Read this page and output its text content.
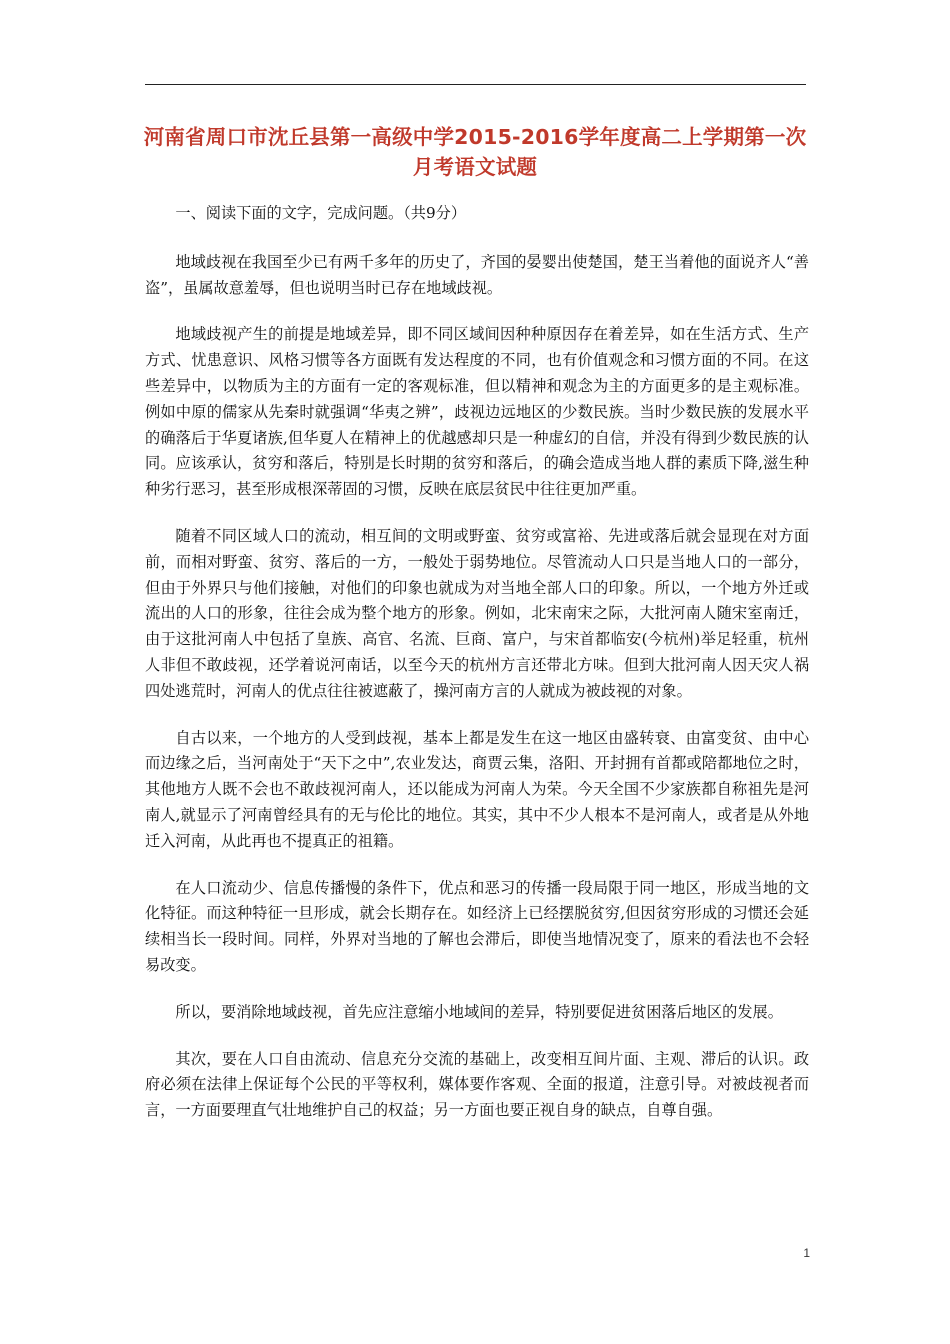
河南省周口市沈丘县第一高级中学2015-2016学年度高二上学期第一次月考语文试题

一、阅读下面的文字，完成问题。（共9分）

地域歧视在我国至少已有两千多年的历史了，齐国的晏婴出使楚国，楚王当着他的面说齐人“善盗”，虽属故意羞辱，但也说明当时已存在地域歧视。

地域歧视产生的前提是地域差异，即不同区域间因种种原因存在着差异，如在生活方式、生产方式、忧患意识、风格习惯等各方面既有发达程度的不同，也有价值观念和习惯方面的不同。在这些差异中，以物质为主的方面有一定的客观标准，但以精神和观念为主的方面更多的是主观标准。例如中原的儒家从先秦时就强调“华夷之辨”，歧视边远地区的少数民族。当时少数民族的发展水平的确落后于华夏诸族,但华夏人在精神上的优越感却只是一种虚幻的自信，并没有得到少数民族的认同。应该承认，贫穷和落后，特别是长时期的贫穷和落后，的确会造成当地人群的素质下降,滋生种种劣行恶习，甚至形成根深蒂固的习惯，反映在底层贫民中往往更加严重。

随着不同区域人口的流动，相互间的文明或野蛮、贫穷或富裕、先进或落后就会显现在对方面前，而相对野蛮、贫穷、落后的一方，一般处于弱势地位。尽管流动人口只是当地人口的一部分，但由于外界只与他们接触，对他们的印象也就成为对当地全部人口的印象。所以，一个地方外迁或流出的人口的形象，往往会成为整个地方的形象。例如，北宋南宋之际，大批河南人随宋室南迁，由于这批河南人中包括了皇族、高官、名流、巨商、富户，与宋首都临安(今杭州)举足轻重，杭州人非但不敢歧视，还学着说河南话，以至今天的杭州方言还带北方味。但到大批河南人因天灾人祸四处逃荒时，河南人的优点往往被遮蔽了，操河南方言的人就成为被歧视的对象。

自古以来，一个地方的人受到歧视，基本上都是发生在这一地区由盛转衰、由富变贫、由中心而边缘之后，当河南处于“天下之中”,农业发达，商贾云集，洛阳、开封拥有首都或陪都地位之时，其他地方人既不会也不敢歧视河南人，还以能成为河南人为荣。今天全国不少家族都自称祖先是河南人,就显示了河南曾经具有的无与伦比的地位。其实，其中不少人根本不是河南人，或者是从外地迁入河南，从此再也不提真正的祖籍。

在人口流动少、信息传播慢的条件下，优点和恶习的传播一段局限于同一地区，形成当地的文化特征。而这种特征一旦形成，就会长期存在。如经济上已经摆脱贫穷,但因贫穷形成的习惯还会延续相当长一段时间。同样，外界对当地的了解也会滞后，即使当地情况变了，原来的看法也不会轻易改变。

所以，要消除地域歧视，首先应注意缩小地域间的差异，特别要促进贫困落后地区的发展。

其次，要在人口自由流动、信息充分交流的基础上，改变相互间片面、主观、滞后的认识。政府必须在法律上保证每个公民的平等权利，媒体要作客观、全面的报道，注意引导。对被歧视者而言，一方面要理直气壮地维护自己的权益；另一方面也要正视自身的缺点，自尊自强。

1
